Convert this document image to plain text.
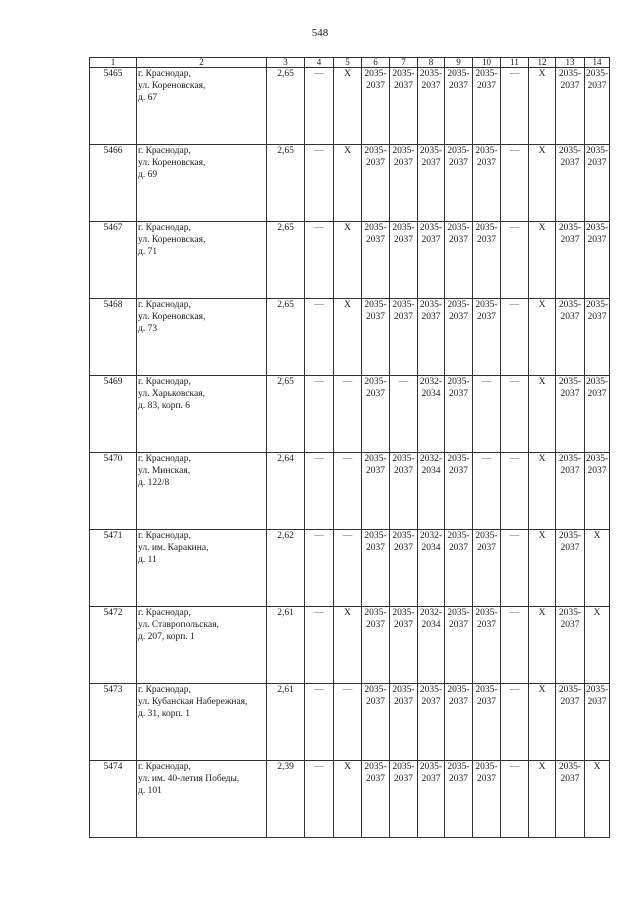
548
1	2	3	4	5	6	7	8	9	10	11	12	13	14
5465	г. Краснодар,
ул. Кореновская,
д. 67	2,65	—	X	2035-2037	2035-2037	2035-2037	2035-2037	2035-2037	—	X	2035-2037	2035-2037
5466	г. Краснодар,
ул. Кореновская,
д. 69	2,65	—	X	2035-2037	2035-2037	2035-2037	2035-2037	2035-2037	—	X	2035-2037	2035-2037
5467	г. Краснодар,
ул. Кореновская,
д. 71	2,65	—	X	2035-2037	2035-2037	2035-2037	2035-2037	2035-2037	—	X	2035-2037	2035-2037
5468	г. Краснодар,
ул. Кореновская,
д. 73	2,65	—	X	2035-2037	2035-2037	2035-2037	2035-2037	2035-2037	—	X	2035-2037	2035-2037
5469	г. Краснодар,
ул. Харьковская,
д. 83, корп. 6	2,65	—	—	2035-2037	—	2032-2034	2035-2037	—	—	X	2035-2037	2035-2037
5470	г. Краснодар,
ул. Минская,
д. 122/8	2,64	—	—	2035-2037	2035-2037	2032-2034	2035-2037	—	—	X	2035-2037	2035-2037
5471	г. Краснодар,
ул. им. Каракина,
д. 11	2,62	—	—	2035-2037	2035-2037	2032-2034	2035-2037	2035-2037	—	X	2035-2037	X
5472	г. Краснодар,
ул. Ставропольская,
д. 207, корп. 1	2,61	—	X	2035-2037	2035-2037	2032-2034	2035-2037	2035-2037	—	X	2035-2037	X
5473	г. Краснодар,
ул. Кубанская Набережная,
д. 31, корп. 1	2,61	—	—	2035-2037	2035-2037	2035-2037	2035-2037	2035-2037	—	X	2035-2037	2035-2037
5474	г. Краснодар,
ул. им. 40-летия Победы,
д. 101	2,39	—	X	2035-2037	2035-2037	2035-2037	2035-2037	2035-2037	—	X	2035-2037	X
